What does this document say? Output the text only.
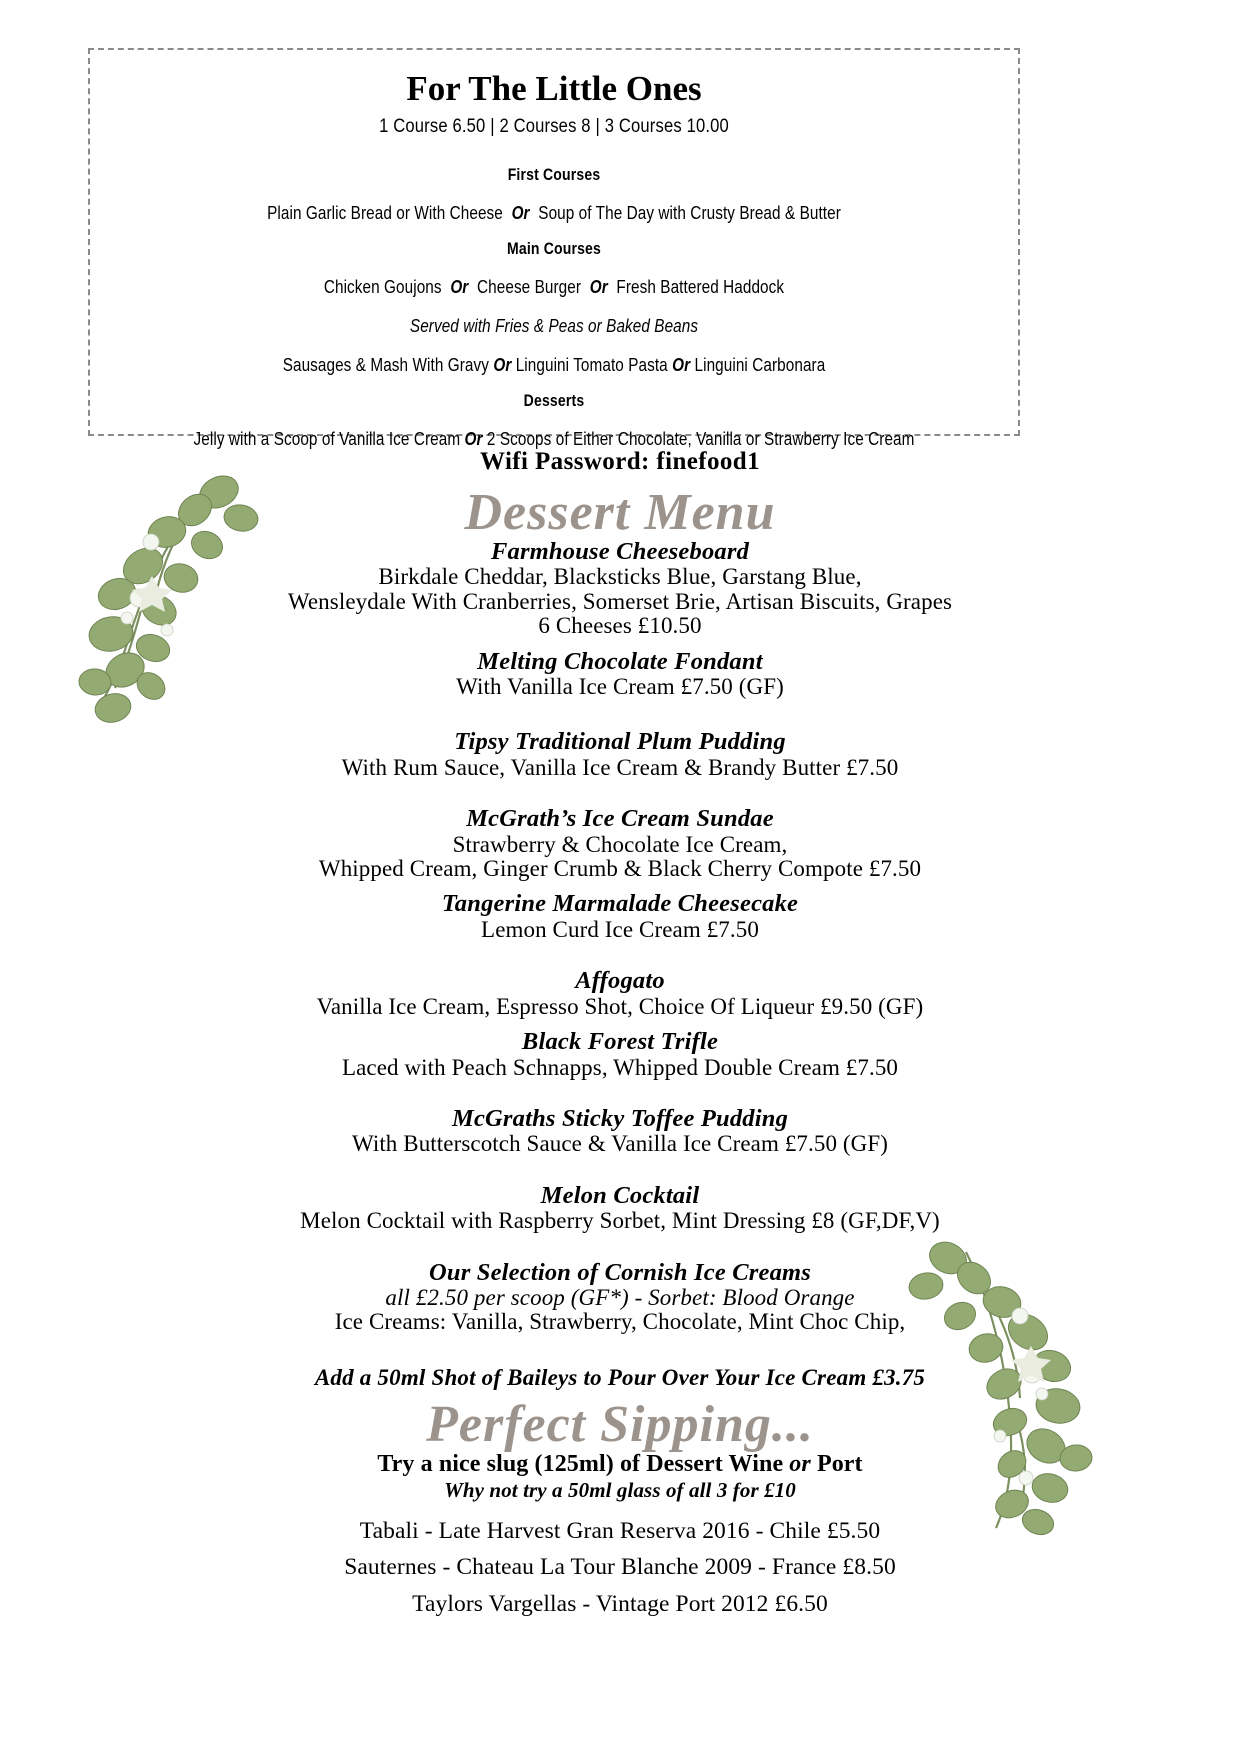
For The Little Ones
1 Course 6.50 | 2 Courses 8 | 3 Courses 10.00
First Courses
Plain Garlic Bread or With Cheese Or Soup of The Day with Crusty Bread & Butter
Main Courses
Chicken Goujons Or Cheese Burger Or Fresh Battered Haddock
Served with Fries & Peas or Baked Beans
Sausages & Mash With Gravy Or Linguini Tomato Pasta Or Linguini Carbonara
Desserts
Jelly with a Scoop of Vanilla Ice Cream Or 2 Scoops of Either Chocolate, Vanilla or Strawberry Ice Cream
Wifi Password: finefood1
Dessert Menu
Farmhouse Cheeseboard
Birkdale Cheddar, Blacksticks Blue, Garstang Blue,
Wensleydale With Cranberries, Somerset Brie, Artisan Biscuits, Grapes
6 Cheeses £10.50
Melting Chocolate Fondant
With Vanilla Ice Cream £7.50 (GF)
Tipsy Traditional Plum Pudding
With Rum Sauce, Vanilla Ice Cream & Brandy Butter £7.50
McGrath’s Ice Cream Sundae
Strawberry & Chocolate Ice Cream,
Whipped Cream, Ginger Crumb & Black Cherry Compote £7.50
Tangerine Marmalade Cheesecake
Lemon Curd Ice Cream £7.50
Affogato
Vanilla Ice Cream, Espresso Shot, Choice Of Liqueur £9.50 (GF)
Black Forest Trifle
Laced with Peach Schnapps, Whipped Double Cream £7.50
McGraths Sticky Toffee Pudding
With Butterscotch Sauce & Vanilla Ice Cream £7.50 (GF)
Melon Cocktail
Melon Cocktail with Raspberry Sorbet, Mint Dressing £8 (GF,DF,V)
Our Selection of Cornish Ice Creams
all £2.50 per scoop (GF*) - Sorbet: Blood Orange
Ice Creams: Vanilla, Strawberry, Chocolate, Mint Choc Chip,
Add a 50ml Shot of Baileys to Pour Over Your Ice Cream £3.75
Perfect Sipping...
Try a nice slug (125ml) of Dessert Wine or Port
Why not try a 50ml glass of all 3 for £10
Tabali - Late Harvest Gran Reserva 2016 - Chile £5.50
Sauternes - Chateau La Tour Blanche 2009 - France £8.50
Taylors Vargellas - Vintage Port 2012 £6.50
